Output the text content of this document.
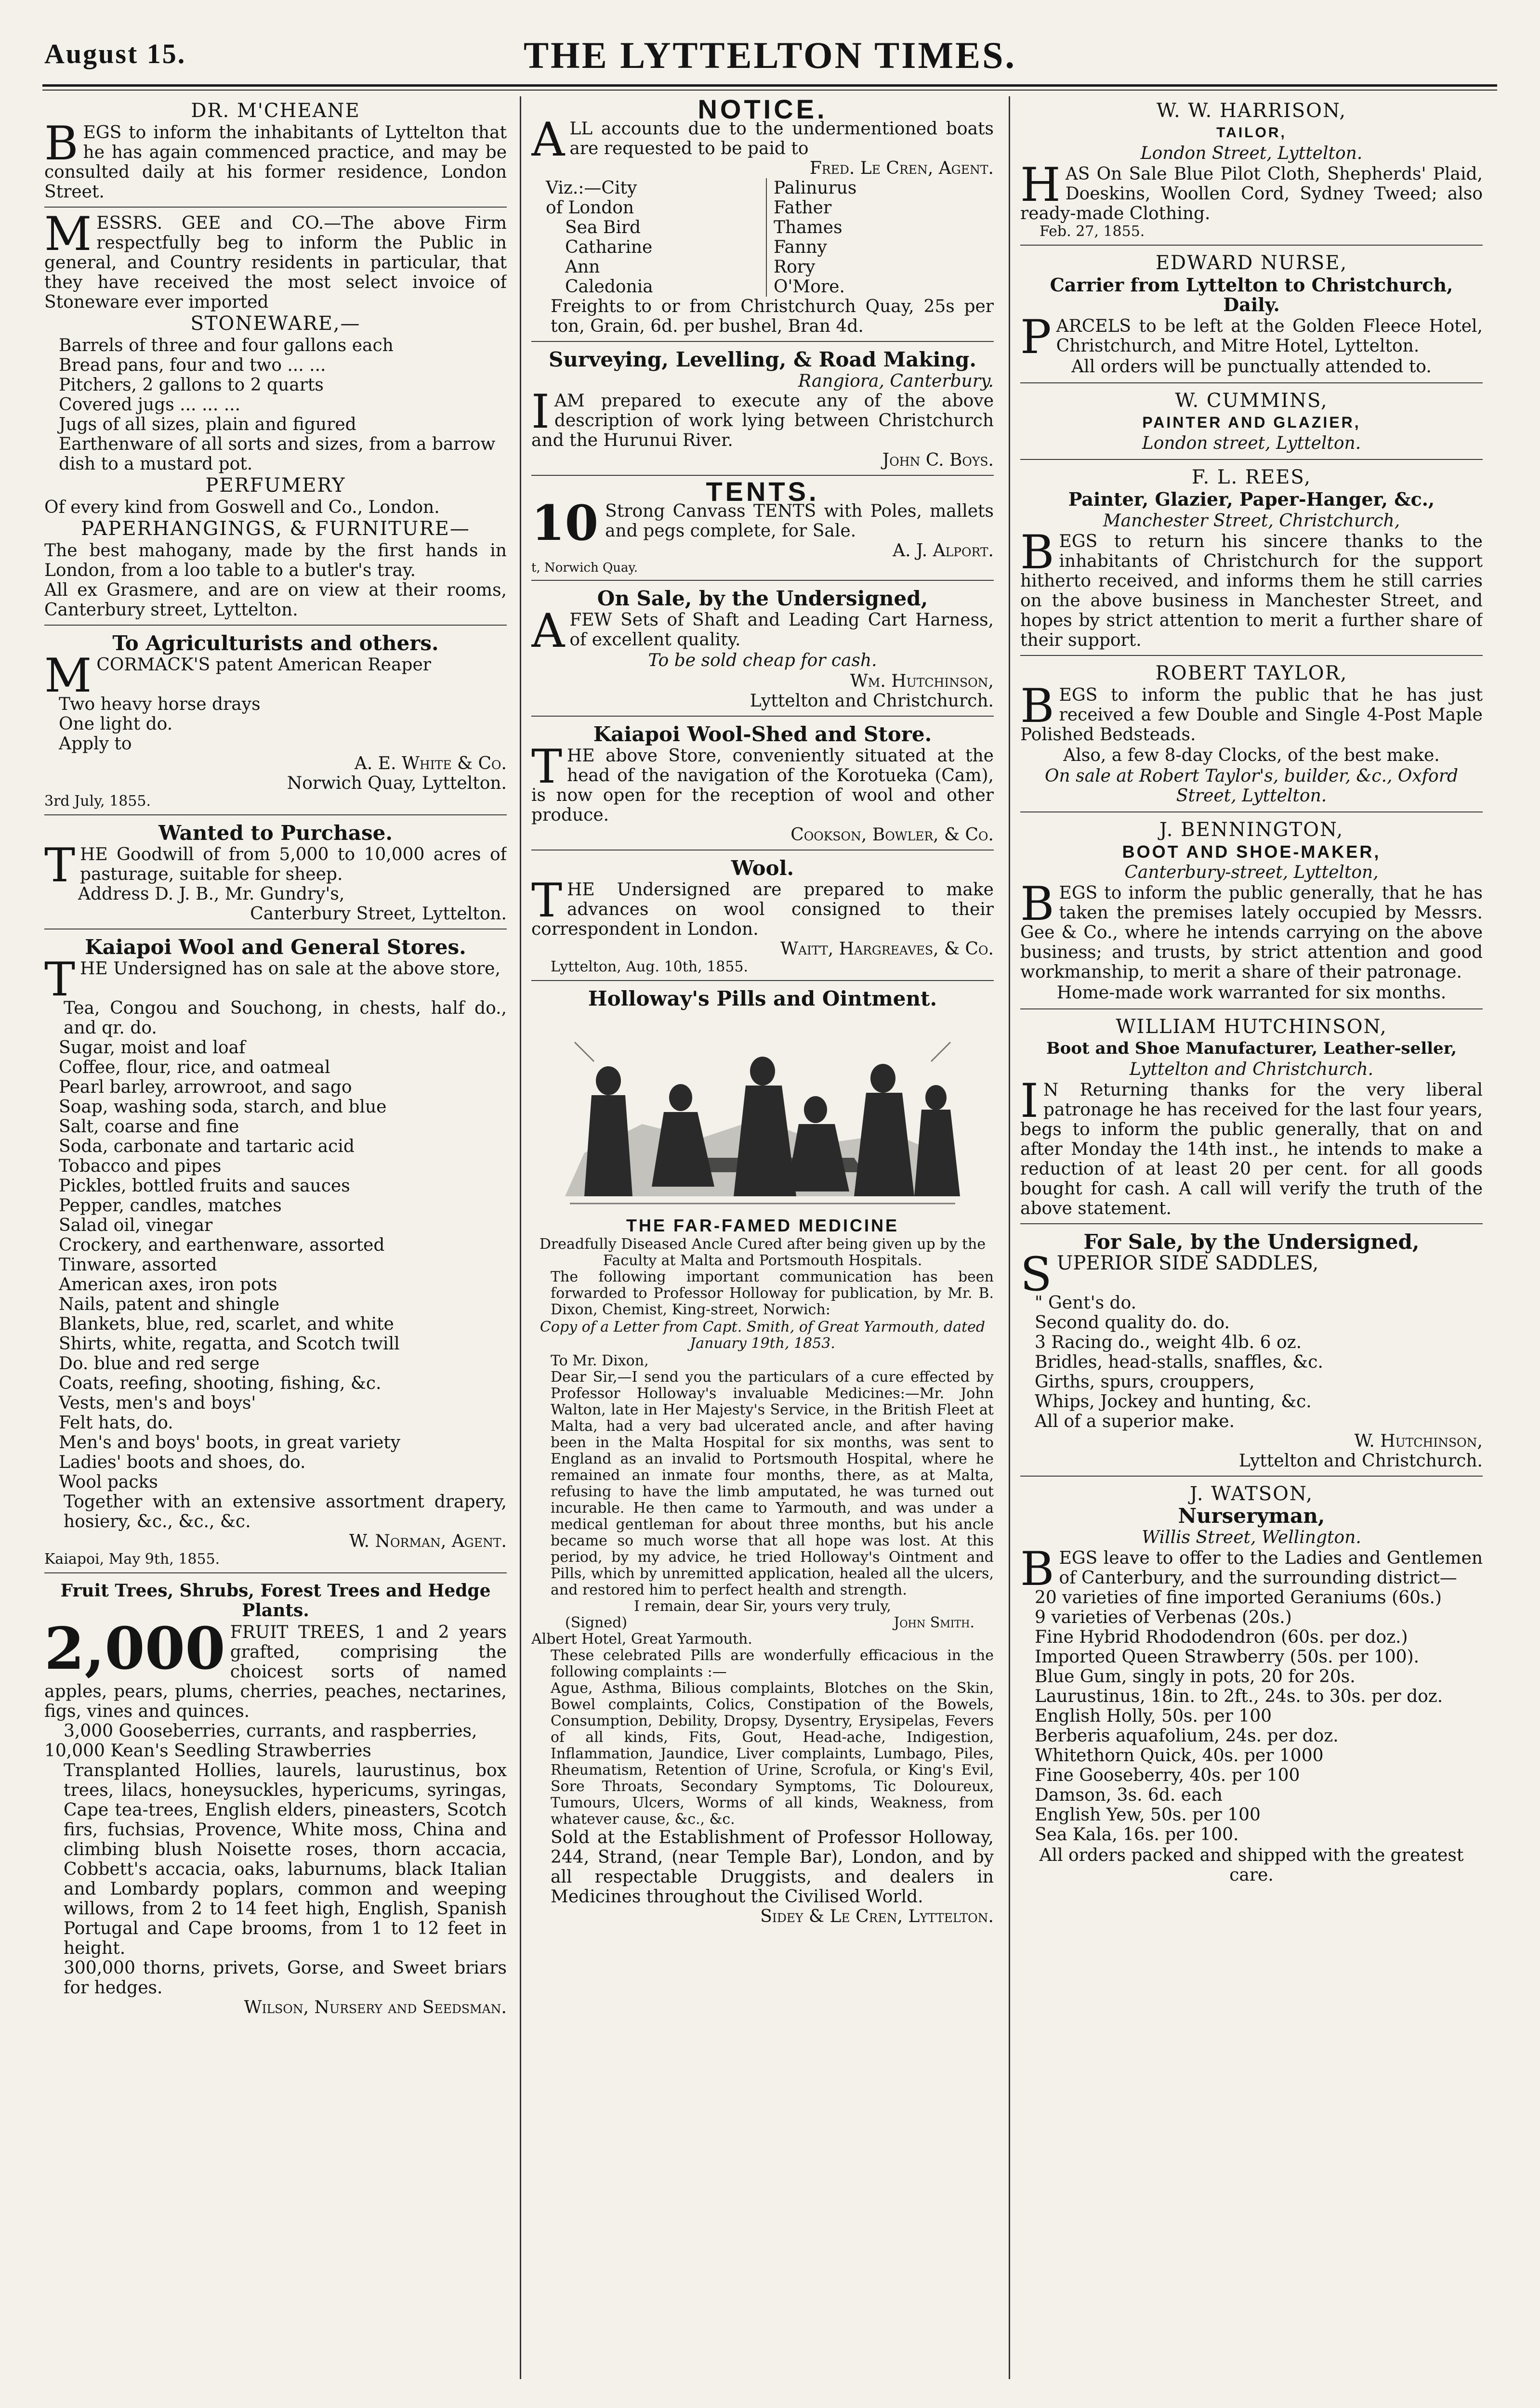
August 15.	THE LYTTELTON TIMES.
DR. M'CHEANE

BEGS to inform the inhabitants of Lyttelton that he has again commenced practice, and may be consulted daily at his former residence, London Street.

MESSRS. GEE and CO.—The above Firm respectfully beg to inform the Public in general, and Country residents in particular, that they have received the most select invoice of Stoneware ever imported

STONEWARE,—
Barrels of three and four gallons each
Bread pans, four and two ... ...
Pitchers, 2 gallons to 2 quarts
Covered jugs ... ... ...
Jugs of all sizes, plain and figured
Earthenware of all sorts and sizes, from a barrow dish to a mustard pot.
PERFUMERY

Of every kind from Goswell and Co., London.

PAPERHANGINGS, & FURNITURE—

The best mahogany, made by the first hands in London, from a loo table to a butler's tray.

All ex Grasmere, and are on view at their rooms, Canterbury street, Lyttelton.

To Agriculturists and others.

MCORMACK'S patent American Reaper

Two heavy horse drays
One light do.
Apply to
A. E. White & Co.
Norwich Quay, Lyttelton.
3rd July, 1855.
Wanted to Purchase.

THE Goodwill of from 5,000 to 10,000 acres of pasturage, suitable for sheep.

Address D. J. B., Mr. Gundry's,
Canterbury Street, Lyttelton.
Kaiapoi Wool and General Stores.

THE Undersigned has on sale at the above store,

Tea, Congou and Souchong, in chests, half do., and qr. do.

Sugar, moist and loaf
Coffee, flour, rice, and oatmeal
Pearl barley, arrowroot, and sago
Soap, washing soda, starch, and blue
Salt, coarse and fine
Soda, carbonate and tartaric acid
Tobacco and pipes
Pickles, bottled fruits and sauces
Pepper, candles, matches
Salad oil, vinegar
Crockery, and earthenware, assorted
Tinware, assorted
American axes, iron pots
Nails, patent and shingle
Blankets, blue, red, scarlet, and white
Shirts, white, regatta, and Scotch twill
Do. blue and red serge
Coats, reefing, shooting, fishing, &c.
Vests, men's and boys'
Felt hats, do.
Men's and boys' boots, in great variety
Ladies' boots and shoes, do.
Wool packs

Together with an extensive assortment drapery, hosiery, &c., &c., &c.

W. Norman, Agent.
Kaiapoi, May 9th, 1855.
Fruit Trees, Shrubs, Forest Trees and Hedge Plants.

2,000 FRUIT TREES, 1 and 2 years grafted, comprising the choicest sorts of named apples, pears, plums, cherries, peaches, nectarines, figs, vines and quinces.

3,000 Gooseberries, currants, and raspberries,

10,000 Kean's Seedling Strawberries

Transplanted Hollies, laurels, laurustinus, box trees, lilacs, honeysuckles, hypericums, syringas, Cape tea-trees, English elders, pineasters, Scotch firs, fuchsias, Provence, White moss, China and climbing blush Noisette roses, thorn accacia, Cobbett's accacia, oaks, laburnums, black Italian and Lombardy poplars, common and weeping willows, from 2 to 14 feet high, English, Spanish Portugal and Cape brooms, from 1 to 12 feet in height.

300,000 thorns, privets, Gorse, and Sweet briars for hedges.

Wilson, Nursery and Seedsman.
NOTICE.

ALL accounts due to the undermentioned boats are requested to be paid to

Fred. Le Cren, Agent.
Viz.:—City of London
Sea Bird
Catharine Ann
Caledonia
Palinurus
Father Thames
Fanny
Rory O'More.

Freights to or from Christchurch Quay, 25s per ton, Grain, 6d. per bushel, Bran 4d.

Surveying, Levelling, & Road Making.
Rangiora, Canterbury.

IAM prepared to execute any of the above description of work lying between Christchurch and the Hurunui River.

John C. Boys.
TENTS.

10 Strong Canvass TENTS with Poles, mallets and pegs complete, for Sale.

A. J. Alport.
t, Norwich Quay.
On Sale, by the Undersigned,

AFEW Sets of Shaft and Leading Cart Harness, of excellent quality.

To be sold cheap for cash.
Wm. Hutchinson,
Lyttelton and Christchurch.
Kaiapoi Wool-Shed and Store.

THE above Store, conveniently situated at the head of the navigation of the Korotueka (Cam), is now open for the reception of wool and other produce.

Cookson, Bowler, & Co.
Wool.

THE Undersigned are prepared to make advances on wool consigned to their correspondent in London.

Waitt, Hargreaves, & Co.
Lyttelton, Aug. 10th, 1855.
Holloway's Pills and Ointment.
THE FAR-FAMED MEDICINE
Dreadfully Diseased Ancle Cured after being given up by the Faculty at Malta and Portsmouth Hospitals.

The following important communication has been forwarded to Professor Holloway for publication, by Mr. B. Dixon, Chemist, King-street, Norwich:

Copy of a Letter from Capt. Smith, of Great Yarmouth, dated January 19th, 1853.
To Mr. Dixon,

Dear Sir,—I send you the particulars of a cure effected by Professor Holloway's invaluable Medicines:—Mr. John Walton, late in Her Majesty's Service, in the British Fleet at Malta, had a very bad ulcerated ancle, and after having been in the Malta Hospital for six months, was sent to England as an invalid to Portsmouth Hospital, where he remained an inmate four months, there, as at Malta, refusing to have the limb amputated, he was turned out incurable. He then came to Yarmouth, and was under a medical gentleman for about three months, but his ancle became so much worse that all hope was lost. At this period, by my advice, he tried Holloway's Ointment and Pills, which by unremitted application, healed all the ulcers, and restored him to perfect health and strength.

I remain, dear Sir, yours very truly,
(Signed)	John Smith.
Albert Hotel, Great Yarmouth.

These celebrated Pills are wonderfully efficacious in the following complaints :—

Ague, Asthma, Bilious complaints, Blotches on the Skin, Bowel complaints, Colics, Constipation of the Bowels, Consumption, Debility, Dropsy, Dysentry, Erysipelas, Fevers of all kinds, Fits, Gout, Head-ache, Indigestion, Inflammation, Jaundice, Liver complaints, Lumbago, Piles, Rheumatism, Retention of Urine, Scrofula, or King's Evil, Sore Throats, Secondary Symptoms, Tic Doloureux, Tumours, Ulcers, Worms of all kinds, Weakness, from whatever cause, &c., &c.

Sold at the Establishment of Professor Holloway, 244, Strand, (near Temple Bar), London, and by all respectable Druggists, and dealers in Medicines throughout the Civilised World.

Sidey & Le Cren, Lyttelton.
W. W. HARRISON,
TAILOR,
London Street, Lyttelton.

HAS On Sale Blue Pilot Cloth, Shepherds' Plaid, Doeskins, Woollen Cord, Sydney Tweed; also ready-made Clothing.

Feb. 27, 1855.
EDWARD NURSE,
Carrier from Lyttelton to Christchurch, Daily.

PARCELS to be left at the Golden Fleece Hotel, Christchurch, and Mitre Hotel, Lyttelton.

All orders will be punctually attended to.
W. CUMMINS,
PAINTER AND GLAZIER,
London street, Lyttelton.
F. L. REES,
Painter, Glazier, Paper-Hanger, &c.,
Manchester Street, Christchurch,

BEGS to return his sincere thanks to the inhabitants of Christchurch for the support hitherto received, and informs them he still carries on the above business in Manchester Street, and hopes by strict attention to merit a further share of their support.

ROBERT TAYLOR,

BEGS to inform the public that he has just received a few Double and Single 4-Post Maple Polished Bedsteads.

Also, a few 8-day Clocks, of the best make.
On sale at Robert Taylor's, builder, &c., Oxford Street, Lyttelton.
J. BENNINGTON,
BOOT AND SHOE-MAKER,
Canterbury-street, Lyttelton,

BEGS to inform the public generally, that he has taken the premises lately occupied by Messrs. Gee & Co., where he intends carrying on the above business; and trusts, by strict attention and good workmanship, to merit a share of their patronage.

Home-made work warranted for six months.
WILLIAM HUTCHINSON,
Boot and Shoe Manufacturer, Leather-seller,
Lyttelton and Christchurch.

I N Returning thanks for the very liberal patronage he has received for the last four years, begs to inform the public generally, that on and after Monday the 14th inst., he intends to make a reduction of at least 20 per cent. for all goods bought for cash. A call will verify the truth of the above statement.

For Sale, by the Undersigned,

SUPERIOR SIDE SADDLES,

" Gent's do.
Second quality do. do.
3 Racing do., weight 4lb. 6 oz.
Bridles, head-stalls, snaffles, &c.
Girths, spurs, crouppers,
Whips, Jockey and hunting, &c.
All of a superior make.
W. Hutchinson,
Lyttelton and Christchurch.
J. WATSON,
Nurseryman,
Willis Street, Wellington.

BEGS leave to offer to the Ladies and Gentlemen of Canterbury, and the surrounding district—

20 varieties of fine imported Geraniums (60s.)
9 varieties of Verbenas (20s.)
Fine Hybrid Rhododendron (60s. per doz.)
Imported Queen Strawberry (50s. per 100).
Blue Gum, singly in pots, 20 for 20s.
Laurustinus, 18in. to 2ft., 24s. to 30s. per doz.
English Holly, 50s. per 100
Berberis aquafolium, 24s. per doz.
Whitethorn Quick, 40s. per 1000
Fine Gooseberry, 40s. per 100
Damson, 3s. 6d. each
English Yew, 50s. per 100
Sea Kala, 16s. per 100.
All orders packed and shipped with the greatest care.
